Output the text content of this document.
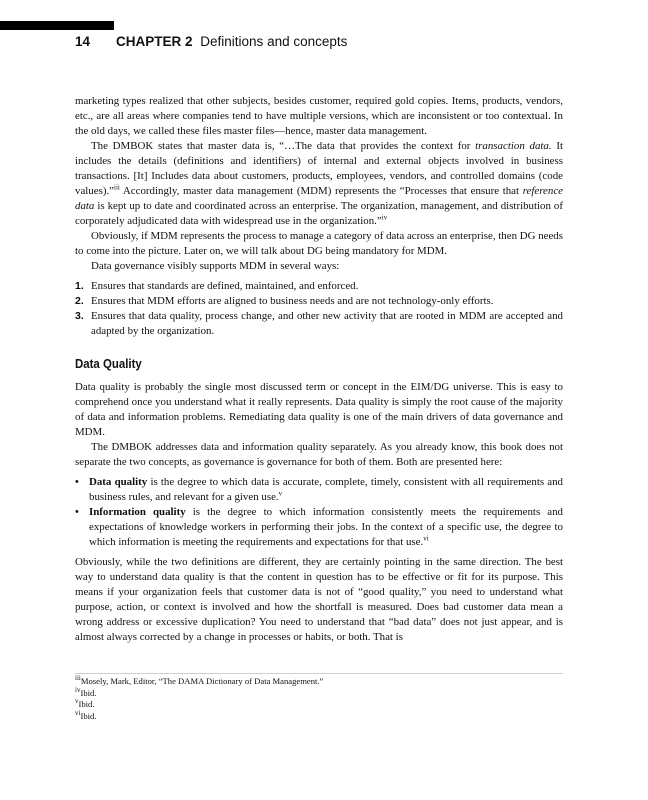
14 CHAPTER 2 Definitions and concepts

marketing types realized that other subjects, besides customer, required gold copies. Items, products, vendors, etc., are all areas where companies tend to have multiple versions, which are inconsistent or too contextual. In the old days, we called these files master files—hence, master data management.

The DMBOK states that master data is, “…The data that provides the context for transaction data. It includes the details (definitions and identifiers) of internal and external objects involved in business transactions. [It] Includes data about customers, products, employees, vendors, and controlled domains (code values).”$^{iii}$ Accordingly, master data management (MDM) represents the “Processes that ensure that reference data is kept up to date and coordinated across an enterprise. The organization, management, and distribution of corporately adjudicated data with widespread use in the organization.”$^{iv}$

Obviously, if MDM represents the process to manage a category of data across an enterprise, then DG needs to come into the picture. Later on, we will talk about DG being mandatory for MDM.

Data governance visibly supports MDM in several ways:

1. Ensures that standards are defined, maintained, and enforced.
2. Ensures that MDM efforts are aligned to business needs and are not technology-only efforts.
3. Ensures that data quality, process change, and other new activity that are rooted in MDM are accepted and adapted by the organization.
Data Quality

Data quality is probably the single most discussed term or concept in the EIM/DG universe. This is easy to comprehend once you understand what it really represents. Data quality is simply the root cause of the majority of data and information problems. Remediating data quality is one of the main drivers of data governance and MDM.

The DMBOK addresses data and information quality separately. As you already know, this book does not separate the two concepts, as governance is governance for both of them. Both are presented here:

• Data quality is the degree to which data is accurate, complete, timely, consistent with all requirements and business rules, and relevant for a given use.$^v$
• Information quality is the degree to which information consistently meets the requirements and expectations of knowledge workers in performing their jobs. In the context of a specific use, the degree to which information is meeting the requirements and expectations for that use.$^{vi}$

Obviously, while the two definitions are different, they are certainly pointing in the same direction. The best way to understand data quality is that the content in question has to be effective or fit for its purpose. This means if your organization feels that customer data is not of “good quality,” you need to understand what purpose, action, or context is involved and how the shortfall is measured. Does bad customer data mean a wrong address or excessive duplication? You need to understand that “bad data” does not just appear, and is almost always corrected by a change in processes or habits, or both. That is

$^{iii}$Mosely, Mark, Editor, “The DAMA Dictionary of Data Management.”
$^{iv}$Ibid.
$^v$Ibid.
$^{vi}$Ibid.
